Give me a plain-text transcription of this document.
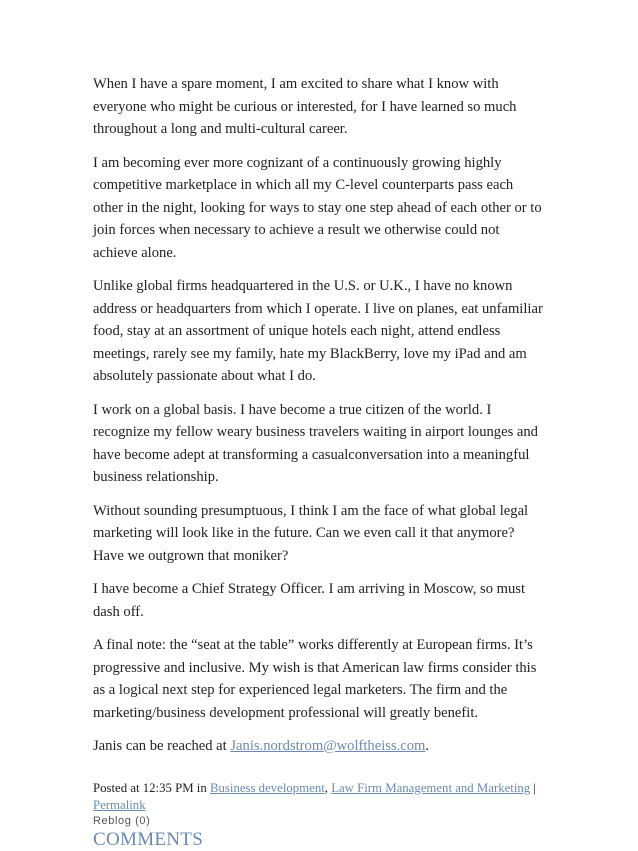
When I have a spare moment, I am excited to share what I know with everyone who might be curious or interested, for I have learned so much throughout a long and multi-cultural career.

I am becoming ever more cognizant of a continuously growing highly competitive marketplace in which all my C-level counterparts pass each other in the night, looking for ways to stay one step ahead of each other or to join forces when necessary to achieve a result we otherwise could not achieve alone.

Unlike global firms headquartered in the U.S. or U.K., I have no known address or headquarters from which I operate. I live on planes, eat unfamiliar food, stay at an assortment of unique hotels each night, attend endless meetings, rarely see my family, hate my BlackBerry, love my iPad and am absolutely passionate about what I do.

I work on a global basis. I have become a true citizen of the world. I recognize my fellow weary business travelers waiting in airport lounges and have become adept at transforming a casualconversation into a meaningful business relationship.

Without sounding presumptuous, I think I am the face of what global legal marketing will look like in the future. Can we even call it that anymore? Have we outgrown that moniker?

I have become a Chief Strategy Officer. I am arriving in Moscow, so must dash off.

A final note: the “seat at the table” works differently at European firms. It’s progressive and inclusive. My wish is that American law firms consider this as a logical next step for experienced legal marketers. The firm and the marketing/business development professional will greatly benefit.

Janis can be reached at Janis.nordstrom@wolftheiss.com.

Posted at 12:35 PM in Business development, Law Firm Management and Marketing |
Permalink
Reblog (0)
COMMENTS
